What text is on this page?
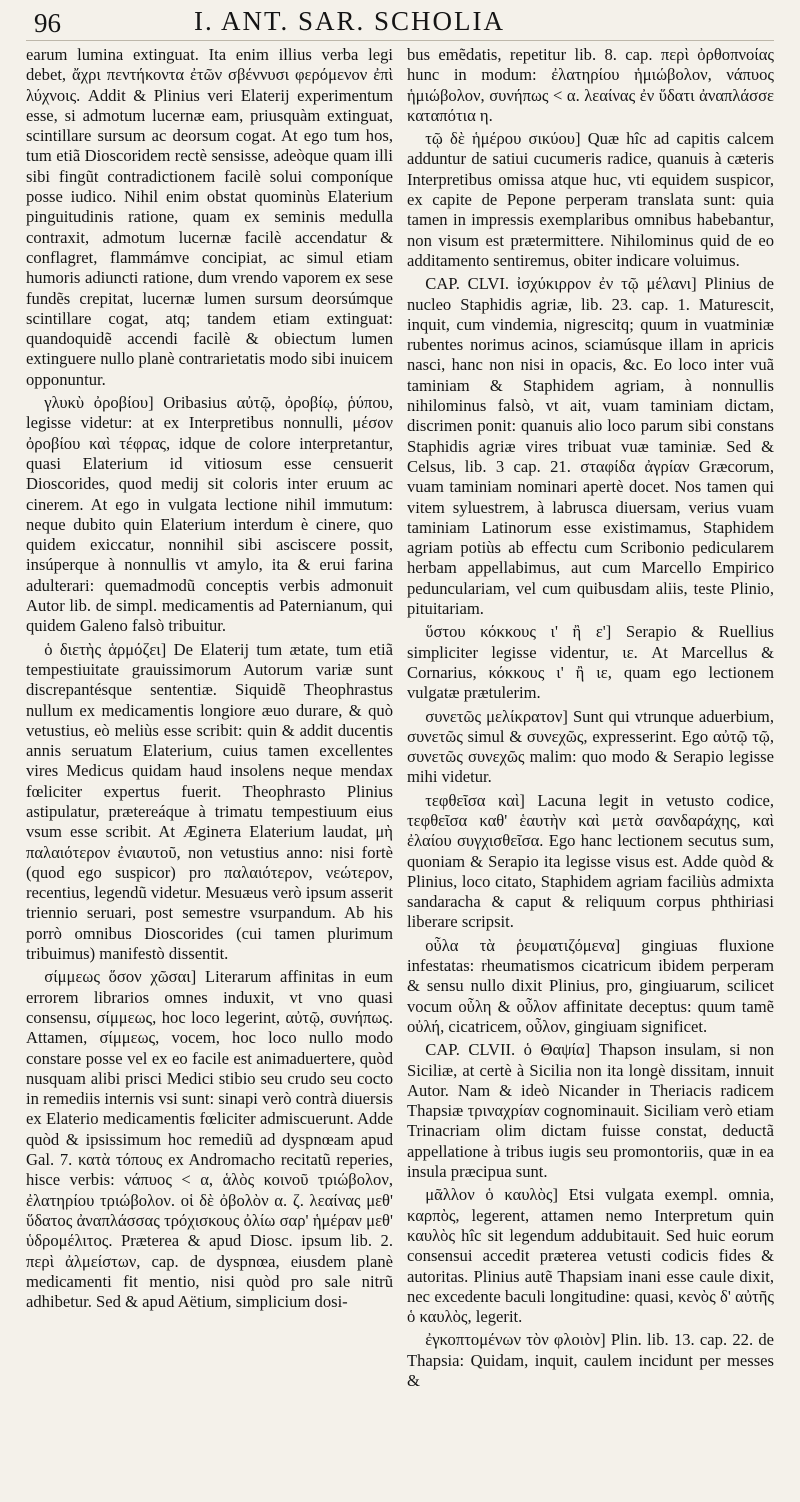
96	I. ANT. SAR. SCHOLIA

earum lumina extinguat. Ita enim illius verba legi debet, ἄχρι πεντήκοντα ἐτῶν σβέννυσι φερόμενον ἐπὶ λύχνοις. Addit & Plinius veri Elaterij experimentum esse, si admotum lucernæ eam, priusquàm extinguat, scintillare sursum ac deorsum cogat. At ego tum hos, tum etiã Dioscoridem rectè sensisse, adeòque quam illi sibi fingũt contradictionem facilè solui componíque posse iudico. Nihil enim obstat quominùs Elaterium pinguitudinis ratione, quam ex seminis medulla contraxit, admotum lucernæ facilè accendatur & conflagret, flammámve concipiat, ac simul etiam humoris adiuncti ratione, dum vrendo vaporem ex sese fundẽs crepitat, lucernæ lumen sursum deorsúmque scintillare cogat, atq; tandem etiam extinguat: quandoquidẽ accendi facilè & obiectum lumen extinguere nullo planè contrarietatis modo sibi inuicem opponuntur.

γλυκὺ ὀροβίου] Oribasius αὐτῷ, ὀροβίῳ, ῥύπου, legisse videtur: at ex Interpretibus nonnulli, μέσον ὀροβίου καὶ τέφρας, idque de colore interpretantur, quasi Elaterium id vitiosum esse censuerit Dioscorides, quod medij sit coloris inter eruum ac cinerem. At ego in vulgata lectione nihil immutum: neque dubito quin Elaterium interdum è cinere, quo quidem exiccatur, nonnihil sibi asciscere possit, insúperque à nonnullis vt amylo, ita & erui farina adulterari: quemadmodũ conceptis verbis admonuit Autor lib. de simpl. medicamentis ad Paternianum, qui quidem Galeno falsò tribuitur.

ὁ διετὴς ἁρμόζει] De Elaterij tum ætate, tum etiã tempestiuitate grauissimorum Autorum variæ sunt discrepantésque sententiæ. Siquidẽ Theophrastus nullum ex medicamentis longiore æuo durare, & quò vetustius, eò meliùs esse scribit: quin & addit ducentis annis seruatum Elaterium, cuius tamen excellentes vires Medicus quidam haud insolens neque mendax fœliciter expertus fuerit. Theophrasto Plinius astipulatur, prætereáque à trimatu tempestiuum eius vsum esse scribit. At Æginета Elaterium laudat, μὴ παλαιότερον ἐνιαυτοῦ, non vetustius anno: nisi fortè (quod ego suspicor) pro παλαιότερον, νεώτερον, recentius, legendũ videtur. Mesuæus verò ipsum asserit triennio seruari, post semestre vsurpandum. Ab his porrò omnibus Dioscorides (cui tamen plurimum tribuimus) manifestò dissentit.

σίμμεως ὅσον χῶσαι] Literarum affinitas in eum errorem librarios omnes induxit, vt vno quasi consensu, σίμμεως, hoc loco legerint, αὐτῷ, συνήπως. Attamen, σίμμεως, vocem, hoc loco nullo modo constare posse vel ex eo facile est animaduertere, quòd nusquam alibi prisci Medici stibio seu crudo seu cocto in remediis internis vsi sunt: sinapi verò contrà diuersis ex Elaterio medicamentis fœliciter admiscuerunt. Adde quòd & ipsissimum hoc remediũ ad dyspnœam apud Gal. 7. κατὰ τόπους ex Andromacho recitatũ reperies, hisce verbis: νάπυος < α, ἁλὸς κοινοῦ τριώβολον, ἐλατηρίου τριώβολον. οἱ δὲ ὀβολὸν α. ζ. λεαίνας μεθ' ὕδατος ἀναπλάσσας τρόχισκους ὀλίω σαρ' ἡμέραν μεθ' ὑδρομέλιτος. Præterea & apud Diosc. ipsum lib. 2. περὶ ἀλμείστων, cap. de dyspnœa, eiusdem planè medicamenti fit mentio, nisi quòd pro sale nitrũ adhibetur. Sed & apud Aëtium, simplicium dosi-

bus emẽdatis, repetitur lib. 8. cap. περὶ ὀρθοπνοίας hunc in modum: ἐλατηρίου ἡμιώβολον, νάπυος ἡμιώβολον, συνήπως < α. λεαίνας ἐν ὕδατι ἀναπλάσσε καταπότια η.

τῷ δὲ ἡμέρου σικύου] Quæ hîc ad capitis calcem adduntur de satiui cucumeris radice, quanuis à cæteris Interpretibus omissa atque huc, vti equidem suspicor, ex capite de Pepone perperam translata sunt: quia tamen in impressis exemplaribus omnibus habebantur, non visum est prætermittere. Nihilominus quid de eo additamento sentiremus, obiter indicare voluimus.

CAP. CLVI. ἰσχύκιρρον ἐν τῷ μέλανι] Plinius de nucleo Staphidis agriæ, lib. 23. cap. 1. Maturescit, inquit, cum vindemia, nigrescitq; quum in vuatminiæ rubentes norimus acinos, sciamúsque illam in apricis nasci, hanc non nisi in opacis, &c. Eo loco inter vuã taminiam & Staphidem agriam, à nonnullis nihilominus falsò, vt ait, vuam taminiam dictam, discrimen ponit: quanuis alio loco parum sibi constans Staphidis agriæ vires tribuat vuæ taminiæ. Sed & Celsus, lib. 3 cap. 21. σταφίδα ἀγρίαν Græcorum, vuam taminiam nominari apertè docet. Nos tamen qui vitem syluestrem, à labrusca diuersam, verius vuam taminiam Latinorum esse existimamus, Staphidem agriam potiùs ab effectu cum Scribonio pedicularem herbam appellabimus, aut cum Marcello Empirico pedunculariam, vel cum quibusdam aliis, teste Plinio, pituitariam.

ὕστου κόκκους ι' ἢ ε'] Serapio & Ruellius simpliciter legisse videntur, ιε. At Marcellus & Cornarius, κόκκους ι' ἢ ιε, quam ego lectionem vulgatæ prætulerim.

συνετῶς μελίκρατον] Sunt qui vtrunque aduerbium, συνετῶς simul & συνεχῶς, expresserint. Ego αὐτῷ τῷ, συνετῶς συνεχῶς malim: quo modo & Serapio legisse mihi videtur.

τεφθεῖσα καὶ] Lacuna legit in vetusto codice, τεφθεῖσα καθ' ἑαυτὴν καὶ μετὰ σανδαράχης, καὶ ἐλαίου συγχισθεῖσα. Ego hanc lectionem secutus sum, quoniam & Serapio ita legisse visus est. Adde quòd & Plinius, loco citato, Staphidem agriam faciliùs admixta sandaracha & caput & reliquum corpus phthiriasi liberare scripsit.

οὖλα τὰ ῥευματιζόμενα] gingiuas fluxione infestatas: rheumatismos cicatricum ibidem perperam & sensu nullo dixit Plinius, pro, gingiuarum, scilicet vocum οὖλη & οὖλον affinitate deceptus: quum tamẽ οὐλή, cicatricem, οὖλον, gingiuam significet.

CAP. CLVII. ὁ Θαψία] Thapson insulam, si non Siciliæ, at certè à Sicilia non ita longè dissitam, innuit Autor. Nam & ideò Nicander in Theriacis radicem Thapsiæ τριναχρίαν cognominauit. Siciliam verò etiam Trinacriam olim dictam fuisse constat, deductã appellatione à tribus iugis seu promontoriis, quæ in ea insula præcipua sunt.

μᾶλλον ὁ καυλὸς] Etsi vulgata exempl. omnia, καρπὸς, legerent, attamen nemo Interpretum quin καυλὸς hîc sit legendum addubitauit. Sed huic eorum consensui accedit præterea vetusti codicis fides & autoritas. Plinius autẽ Thapsiam inani esse caule dixit, nec excedente baculi longitudine: quasi, κενὸς δ' αὐτῆς ὁ καυλὸς, legerit.

ἐγκοπτομένων τὸν φλοιὸν] Plin. lib. 13. cap. 22. de Thapsia: Quidam, inquit, caulem incidunt per messes &
